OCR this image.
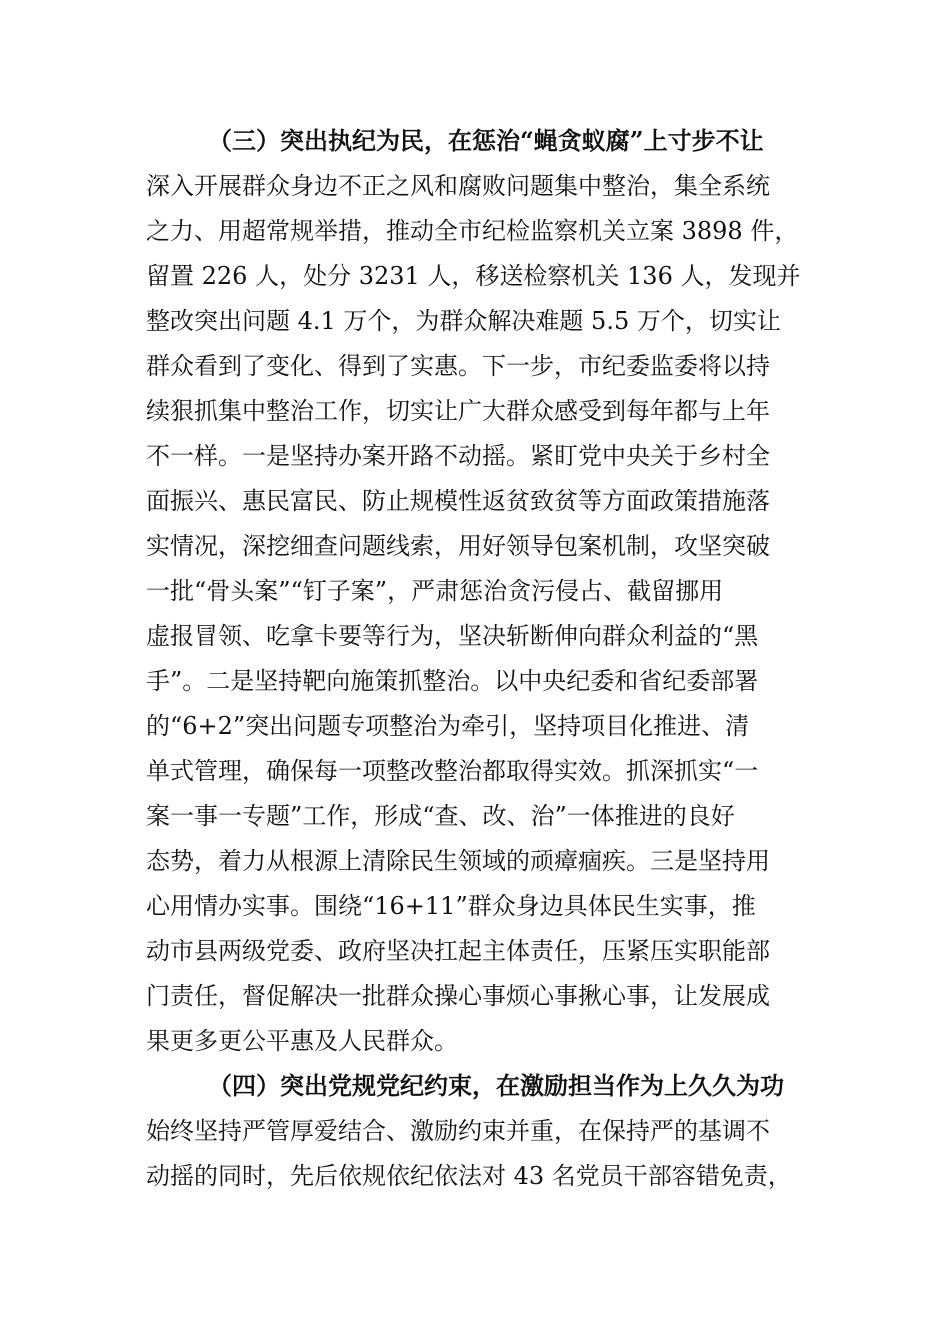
（三）突出执纪为民，在惩治“蝇贪蚁腐”上寸步不让
深入开展群众身边不正之风和腐败问题集中整治，集全系统
之力、用超常规举措，推动全市纪检监察机关立案 3898 件，
留置 226 人，处分 3231 人，移送检察机关 136 人，发现并
整改突出问题 4.1 万个，为群众解决难题 5.5 万个，切实让
群众看到了变化、得到了实惠。下一步，市纪委监委将以持
续狠抓集中整治工作，切实让广大群众感受到每年都与上年
不一样。一是坚持办案开路不动摇。紧盯党中央关于乡村全
面振兴、惠民富民、防止规模性返贫致贫等方面政策措施落
实情况，深挖细查问题线索，用好领导包案机制，攻坚突破
一批“骨头案”“钉子案”，严肃惩治贪污侵占、截留挪用
虚报冒领、吃拿卡要等行为，坚决斩断伸向群众利益的“黑
手”。二是坚持靶向施策抓整治。以中央纪委和省纪委部署
的“6+2”突出问题专项整治为牵引，坚持项目化推进、清
单式管理，确保每一项整改整治都取得实效。抓深抓实“一
案一事一专题”工作，形成“查、改、治”一体推进的良好
态势，着力从根源上清除民生领域的顽瘴痼疾。三是坚持用
心用情办实事。围绕“16+11”群众身边具体民生实事，推
动市县两级党委、政府坚决扛起主体责任，压紧压实职能部
门责任，督促解决一批群众操心事烦心事揪心事，让发展成
果更多更公平惠及人民群众。
（四）突出党规党纪约束，在激励担当作为上久久为功
始终坚持严管厚爱结合、激励约束并重，在保持严的基调不
动摇的同时，先后依规依纪依法对 43 名党员干部容错免责，
